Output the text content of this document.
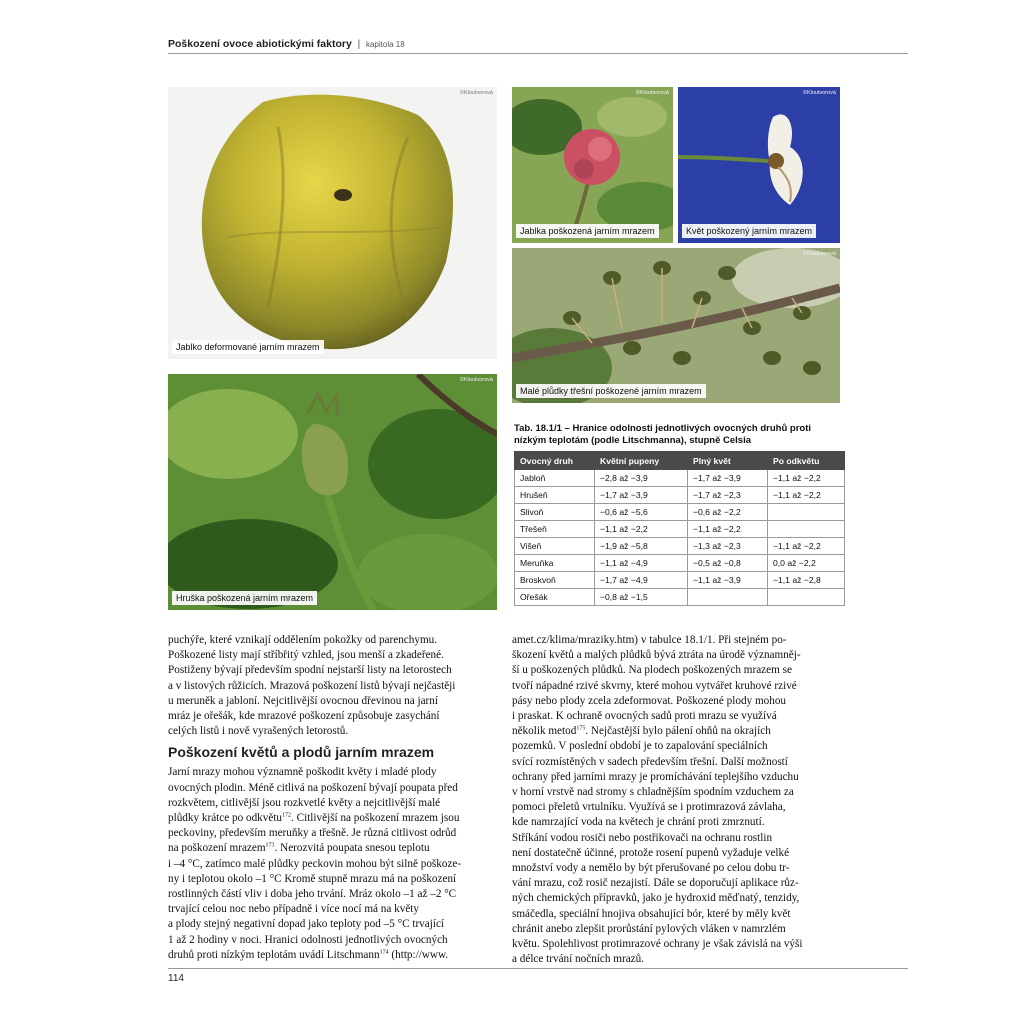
Poškození ovoce abiotickými faktory | kapitola 18
©Kloutvorová
Jablko deformované jarním mrazem
©Kloutvorová
Jablka poškozená jarním mrazem
©Kloutvorová
Květ poškozený jarním mrazem
©Kloutvorová
Malé plůdky třešní poškozené jarním mrazem
©Kloutvorová
Hruška poškozená jarním mrazem
Tab. 18.1/1 – Hranice odolnosti jednotlivých ovocných druhů proti nízkým teplotám (podle Litschmanna), stupně Celsia
Ovocný druh	Květní pupeny	Plný květ	Po odkvětu
Jabloň	−2,8 až −3,9	−1,7 až −3,9	−1,1 až −2,2
Hrušeň	−1,7 až −3,9	−1,7 až −2,3	−1,1 až −2,2
Slivoň	−0,6 až −5,6	−0,6 až −2,2	
Třešeň	−1,1 až −2,2	−1,1 až −2,2	
Višeň	−1,9 až −5,8	−1,3 až −2,3	−1,1 až −2,2
Meruňka	−1,1 až −4,9	−0,5 až −0,8	0,0 až −2,2
Broskvoň	−1,7 až −4,9	−1,1 až −3,9	−1,1 až −2,8
Ořešák	−0,8 až −1,5		

puchýře, které vznikají oddělením pokožky od parenchymu.
Poškozené listy mají stříbřitý vzhled, jsou menší a zkadeřené.
Postiženy bývají především spodní nejstarší listy na letorostech
a v listových růžicích. Mrazová poškození listů bývají nejčastěji
u meruněk a jabloní. Nejcitlivější ovocnou dřevinou na jarní
mráz je ořešák, kde mrazové poškození způsobuje zasychání
celých listů i nově vyrašených letorostů.

Poškození květů a plodů jarním mrazem

Jarní mrazy mohou významně poškodit květy i mladé plody
ovocných plodin. Méně citlivá na poškození bývají poupata před
rozkvětem, citlivější jsou rozkvetlé květy a nejcitlivější malé
plůdky krátce po odkvětu$^{172}$. Citlivější na poškození mrazem jsou
peckoviny, především meruňky a třešně. Je různá citlivost odrůd
na poškození mrazem$^{173}$. Nerozvitá poupata snesou teplotu
i –4 °C, zatímco malé plůdky peckovin mohou být silně poškoze-
ny i teplotou okolo –1 °C Kromě stupně mrazu má na poškození
rostlinných částí vliv i doba jeho trvání. Mráz okolo –1 až –2 °C
trvající celou noc nebo případně i více nocí má na květy
a plody stejný negativní dopad jako teploty pod –5 °C trvající
1 až 2 hodiny v noci. Hranici odolnosti jednotlivých ovocných
druhů proti nízkým teplotám uvádí Litschmann$^{174}$ (http://www.

amet.cz/klima/mraziky.htm) v tabulce 18.1/1. Při stejném po-
škození květů a malých plůdků bývá ztráta na úrodě významněj-
ší u poškozených plůdků. Na plodech poškozených mrazem se
tvoří nápadné rzivé skvrny, které mohou vytvářet kruhové rzivé
pásy nebo plody zcela zdeformovat. Poškozené plody mohou
i praskat. K ochraně ovocných sadů proti mrazu se využívá
několik metod$^{175}$. Nejčastější bylo pálení ohňů na okrajích
pozemků. V poslední období je to zapalování speciálních
svící rozmístěných v sadech především třešní. Další možností
ochrany před jarními mrazy je promíchávání teplejšího vzduchu
v horní vrstvě nad stromy s chladnějším spodním vzduchem za
pomoci přeletů vrtulníku. Využívá se i protimrazová závlaha,
kde namrzající voda na květech je chrání proti zmrznutí.
Stříkání vodou rosiči nebo postřikovači na ochranu rostlin
není dostatečně účinné, protože rosení pupenů vyžaduje velké
množství vody a nemělo by být přerušované po celou dobu tr-
vání mrazu, což rosič nezajistí. Dále se doporučují aplikace růz-
ných chemických přípravků, jako je hydroxid měďnatý, tenzidy,
smáčedla, speciální hnojiva obsahující bór, které by měly květ
chránit anebo zlepšit prorůstání pylových vláken v namrzlém
květu. Spolehlivost protimrazové ochrany je však závislá na výši
a délce trvání nočních mrazů.

114
